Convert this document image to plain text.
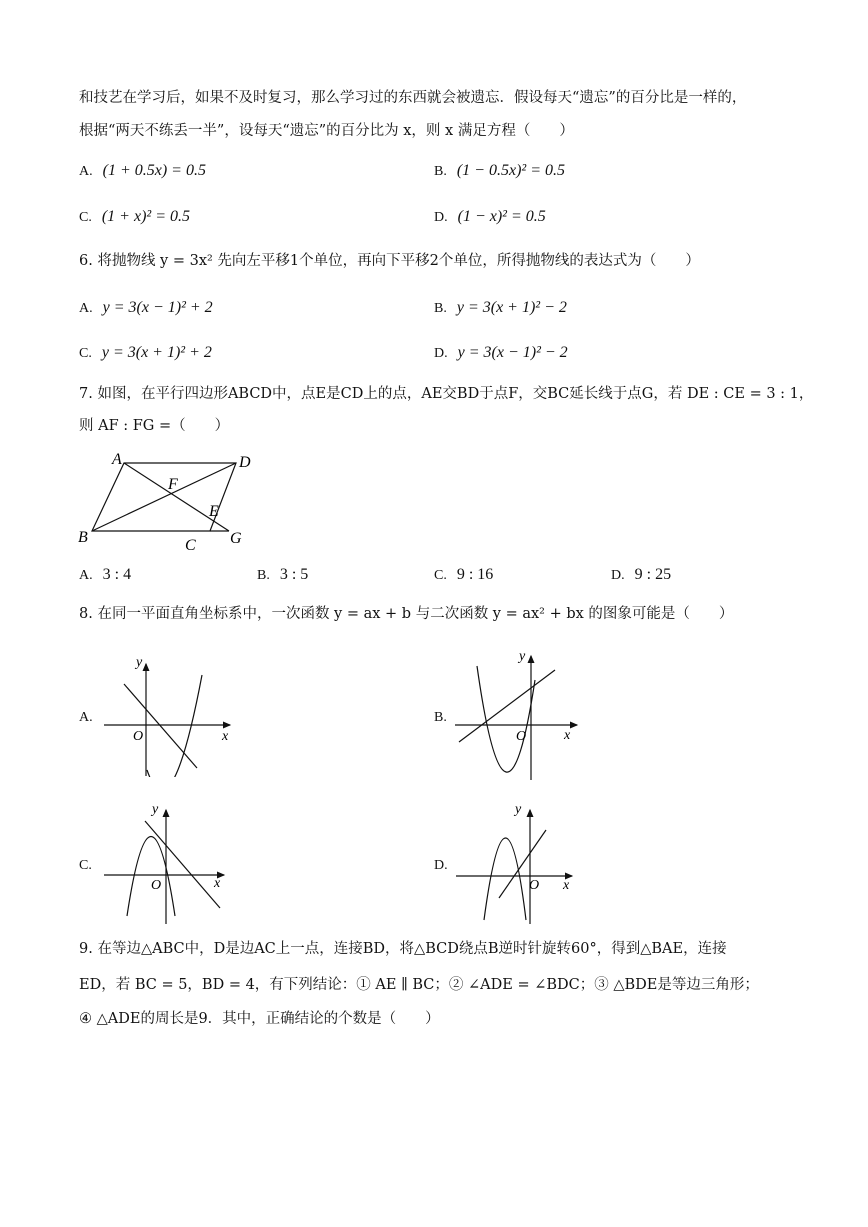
和技艺在学习后，如果不及时复习，那么学习过的东西就会被遗忘．假设每天“遗忘”的百分比是一样的，
根据“两天不练丢一半”，设每天“遗忘”的百分比为 x，则 x 满足方程（　　）
A. (1 + 0.5x) = 0.5	B. (1 − 0.5x)² = 0.5
C. (1 + x)² = 0.5	D. (1 − x)² = 0.5
6. 将抛物线 y = 3x² 先向左平移1个单位，再向下平移2个单位，所得抛物线的表达式为（　　）
A. y = 3(x − 1)² + 2	B. y = 3(x + 1)² − 2
C. y = 3(x + 1)² + 2	D. y = 3(x − 1)² − 2
7. 如图，在平行四边形ABCD中，点E是CD上的点，AE交BD于点F，交BC延长线于点G，若 DE : CE = 3 : 1，
则 AF : FG =（　　）
A	D
F
E
B	C G
A. 3 : 4	B. 3 : 5	C. 9 : 16	D. 9 : 25
8. 在同一平面直角坐标系中，一次函数 y = ax + b 与二次函数 y = ax² + bx 的图象可能是（　　）
A.
y
x
O
B.
y
x
O
C.
y
x
O
D.
y
x
O
9. 在等边△ABC中，D是边AC上一点，连接BD，将△BCD绕点B逆时针旋转60°，得到△BAE，连接
ED，若 BC = 5，BD = 4，有下列结论：① AE ∥ BC；② ∠ADE = ∠BDC；③ △BDE是等边三角形；
④ △ADE的周长是9．其中，正确结论的个数是（　　）
